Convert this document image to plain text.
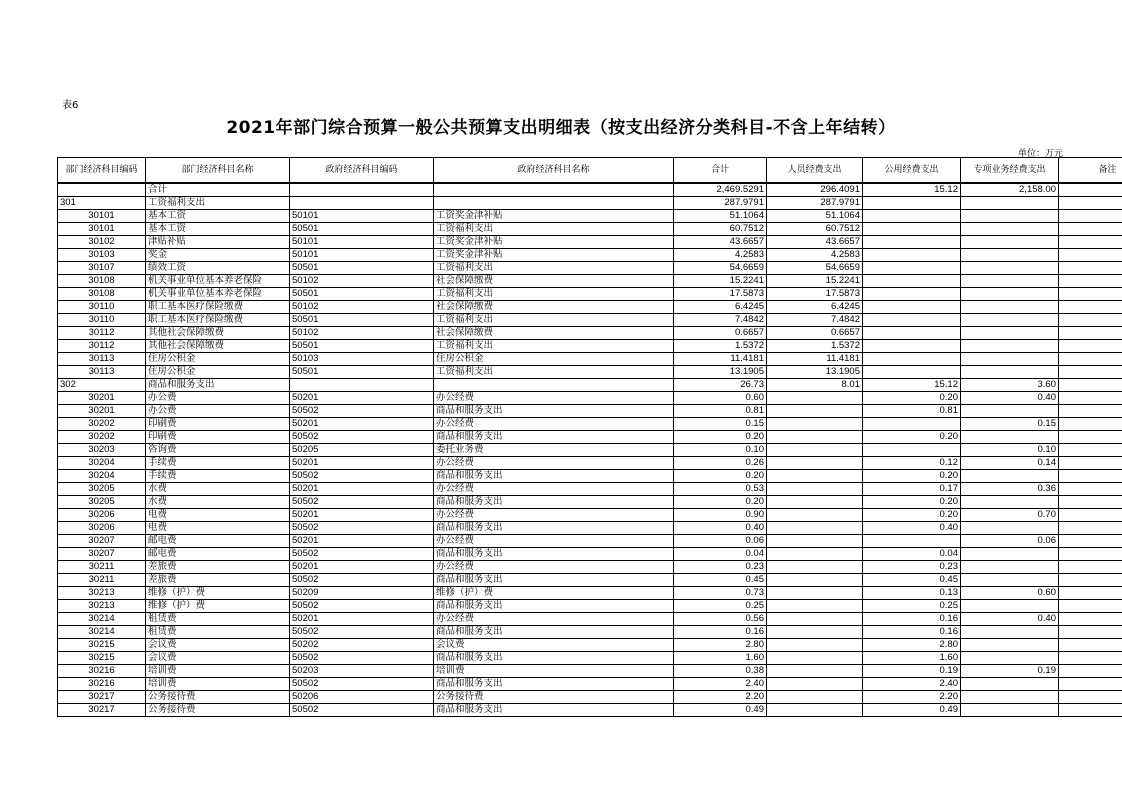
表6
2021年部门综合预算一般公共预算支出明细表（按支出经济分类科目-不含上年结转）
单位：万元
部门经济科目编码	部门经济科目名称	政府经济科目编码	政府经济科目名称	合计	人员经费支出	公用经费支出	专项业务经费支出	备注
	合计			2,469.5291	296.4091	15.12	2,158.00	
301	工资福利支出			287.9791	287.9791			
30101	基本工资	50101	工资奖金津补贴	51.1064	51.1064			
30101	基本工资	50501	工资福利支出	60.7512	60.7512			
30102	津贴补贴	50101	工资奖金津补贴	43.6657	43.6657			
30103	奖金	50101	工资奖金津补贴	4.2583	4.2583			
30107	绩效工资	50501	工资福利支出	54.6659	54.6659			
30108	机关事业单位基本养老保险	50102	社会保障缴费	15.2241	15.2241			
30108	机关事业单位基本养老保险	50501	工资福利支出	17.5873	17.5873			
30110	职工基本医疗保险缴费	50102	社会保障缴费	6.4245	6.4245			
30110	职工基本医疗保险缴费	50501	工资福利支出	7.4842	7.4842			
30112	其他社会保障缴费	50102	社会保障缴费	0.6657	0.6657			
30112	其他社会保障缴费	50501	工资福利支出	1.5372	1.5372			
30113	住房公积金	50103	住房公积金	11.4181	11.4181			
30113	住房公积金	50501	工资福利支出	13.1905	13.1905			
302	商品和服务支出			26.73	8.01	15.12	3.60	
30201	办公费	50201	办公经费	0.60		0.20	0.40	
30201	办公费	50502	商品和服务支出	0.81		0.81		
30202	印刷费	50201	办公经费	0.15			0.15	
30202	印刷费	50502	商品和服务支出	0.20		0.20		
30203	咨询费	50205	委托业务费	0.10			0.10	
30204	手续费	50201	办公经费	0.26		0.12	0.14	
30204	手续费	50502	商品和服务支出	0.20		0.20		
30205	水费	50201	办公经费	0.53		0.17	0.36	
30205	水费	50502	商品和服务支出	0.20		0.20		
30206	电费	50201	办公经费	0.90		0.20	0.70	
30206	电费	50502	商品和服务支出	0.40		0.40		
30207	邮电费	50201	办公经费	0.06			0.06	
30207	邮电费	50502	商品和服务支出	0.04		0.04		
30211	差旅费	50201	办公经费	0.23		0.23		
30211	差旅费	50502	商品和服务支出	0.45		0.45		
30213	维修（护）费	50209	维修（护）费	0.73		0.13	0.60	
30213	维修（护）费	50502	商品和服务支出	0.25		0.25		
30214	租赁费	50201	办公经费	0.56		0.16	0.40	
30214	租赁费	50502	商品和服务支出	0.16		0.16		
30215	会议费	50202	会议费	2.80		2.80		
30215	会议费	50502	商品和服务支出	1.60		1.60		
30216	培训费	50203	培训费	0.38		0.19	0.19	
30216	培训费	50502	商品和服务支出	2.40		2.40		
30217	公务接待费	50206	公务接待费	2.20		2.20		
30217	公务接待费	50502	商品和服务支出	0.49		0.49		
